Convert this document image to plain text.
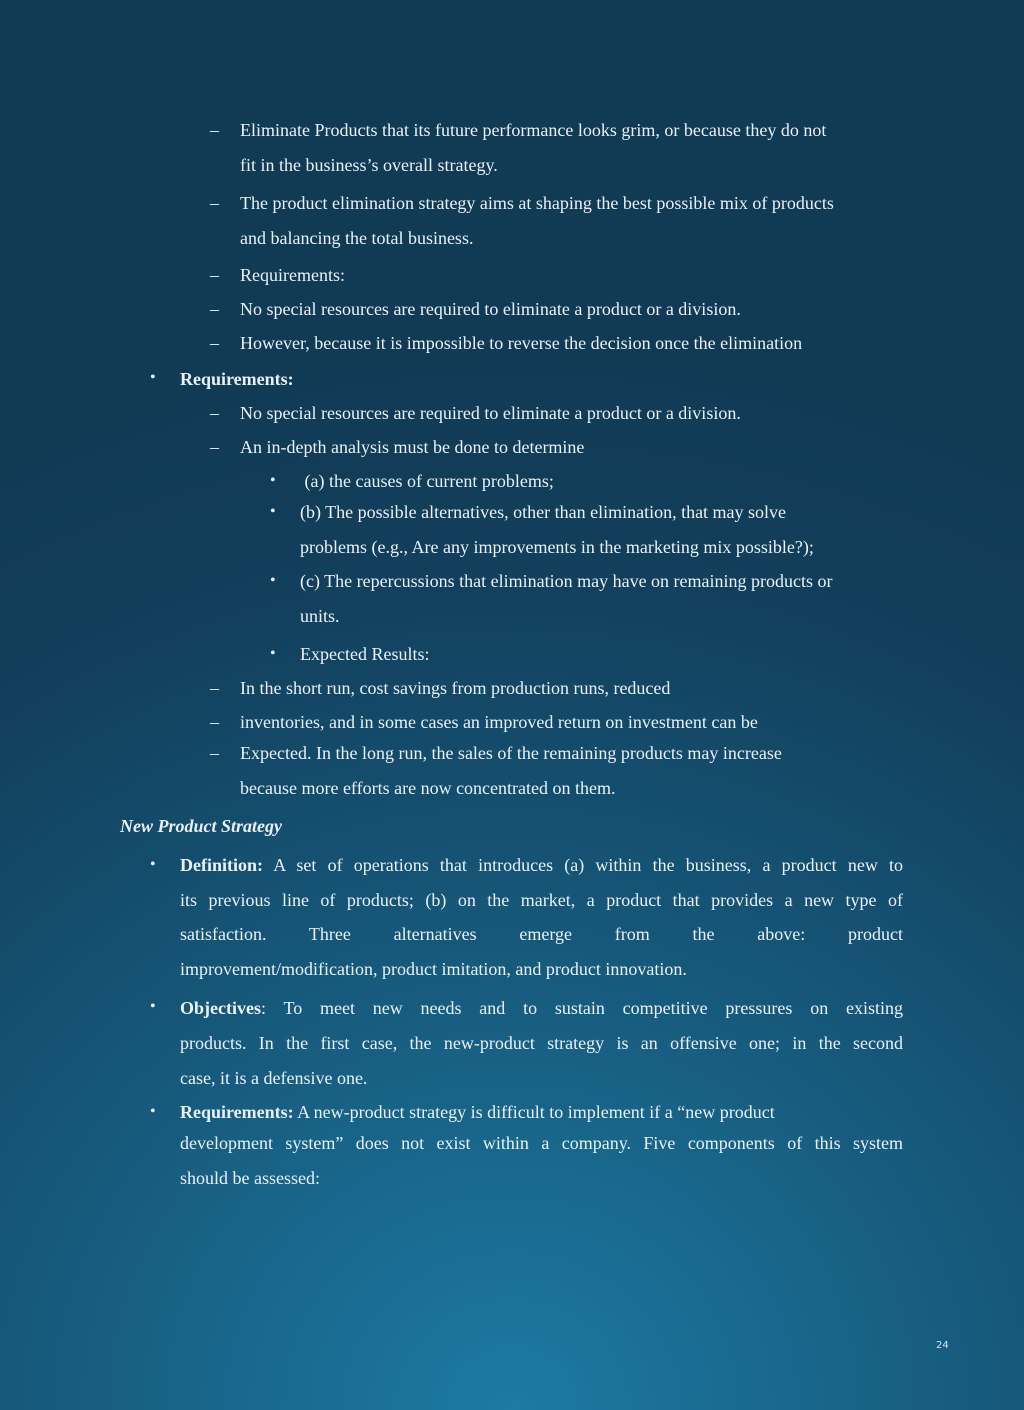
– Eliminate Products that its future performance looks grim, or because they do not
fit in the business’s overall strategy.
– The product elimination strategy aims at shaping the best possible mix of products
and balancing the total business.
– Requirements:
– No special resources are required to eliminate a product or a division.
– However, because it is impossible to reverse the decision once the elimination
• Requirements:
– No special resources are required to eliminate a product or a division.
– An in-depth analysis must be done to determine
• (a) the causes of current problems;
• (b) The possible alternatives, other than elimination, that may solve
problems (e.g., Are any improvements in the marketing mix possible?);
• (c) The repercussions that elimination may have on remaining products or
units.
• Expected Results:
– In the short run, cost savings from production runs, reduced
– inventories, and in some cases an improved return on investment can be
– Expected. In the long run, the sales of the remaining products may increase
because more efforts are now concentrated on them.
New Product Strategy
• Definition: A set of operations that introduces (a) within the business, a product new to
its previous line of products; (b) on the market, a product that provides a new type of
satisfaction. Three alternatives emerge from the above: product
improvement/modification, product imitation, and product innovation.
• Objectives: To meet new needs and to sustain competitive pressures on existing
products. In the first case, the new-product strategy is an offensive one; in the second
case, it is a defensive one.
• Requirements: A new-product strategy is difficult to implement if a “new product
development system” does not exist within a company. Five components of this system
should be assessed:
24
